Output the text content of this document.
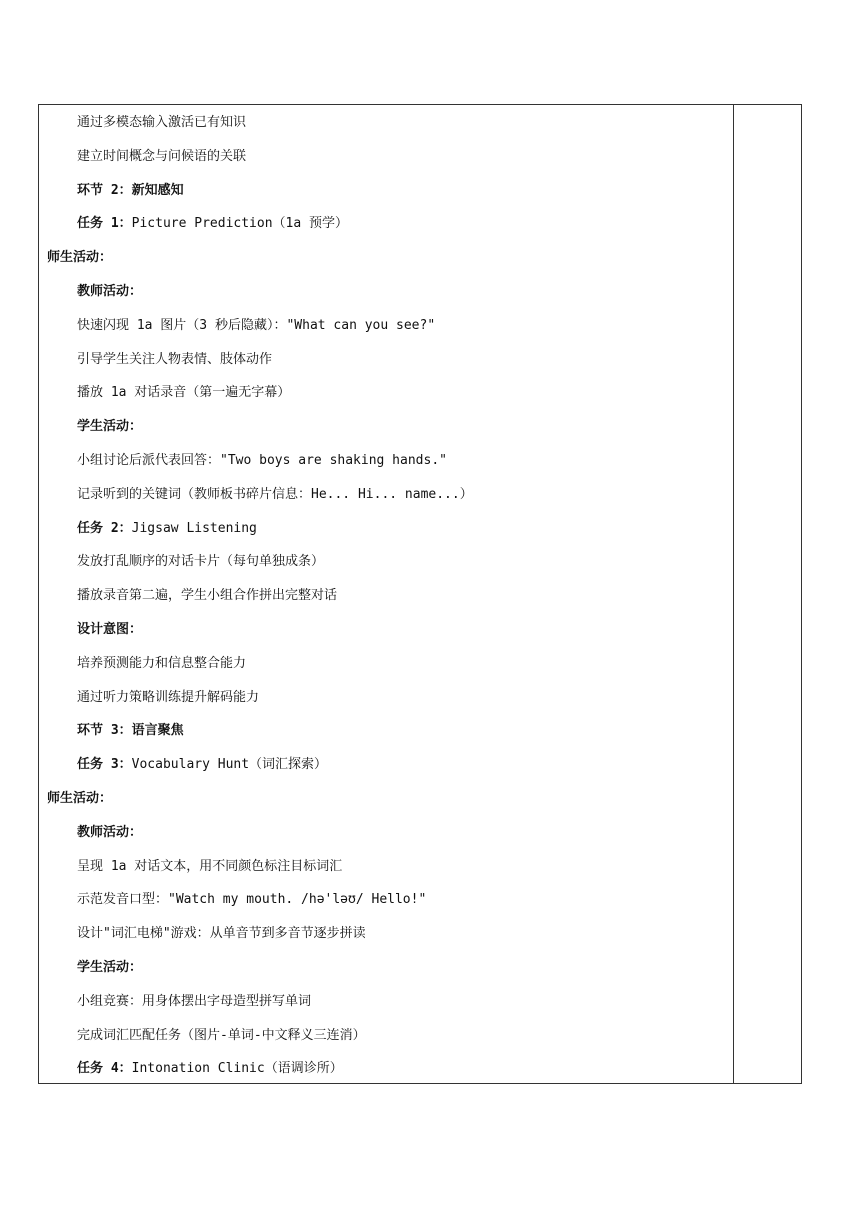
通过多模态输入激活已有知识
建立时间概念与问候语的关联
环节 2：新知感知
任务 1：Picture Prediction（1a 预学）
师生活动：
教师活动：
快速闪现 1a 图片（3 秒后隐藏）："What can you see?"
引导学生关注人物表情、肢体动作
播放 1a 对话录音（第一遍无字幕）
学生活动：
小组讨论后派代表回答："Two boys are shaking hands."
记录听到的关键词（教师板书碎片信息：He... Hi... name...）
任务 2：Jigsaw Listening
发放打乱顺序的对话卡片（每句单独成条）
播放录音第二遍，学生小组合作拼出完整对话
设计意图：
培养预测能力和信息整合能力
通过听力策略训练提升解码能力
环节 3：语言聚焦
任务 3：Vocabulary Hunt（词汇探索）
师生活动：
教师活动：
呈现 1a 对话文本，用不同颜色标注目标词汇
示范发音口型："Watch my mouth. /hə'ləʊ/ Hello!"
设计"词汇电梯"游戏：从单音节到多音节逐步拼读
学生活动：
小组竞赛：用身体摆出字母造型拼写单词
完成词汇匹配任务（图片-单词-中文释义三连消）
任务 4：Intonation Clinic（语调诊所）
